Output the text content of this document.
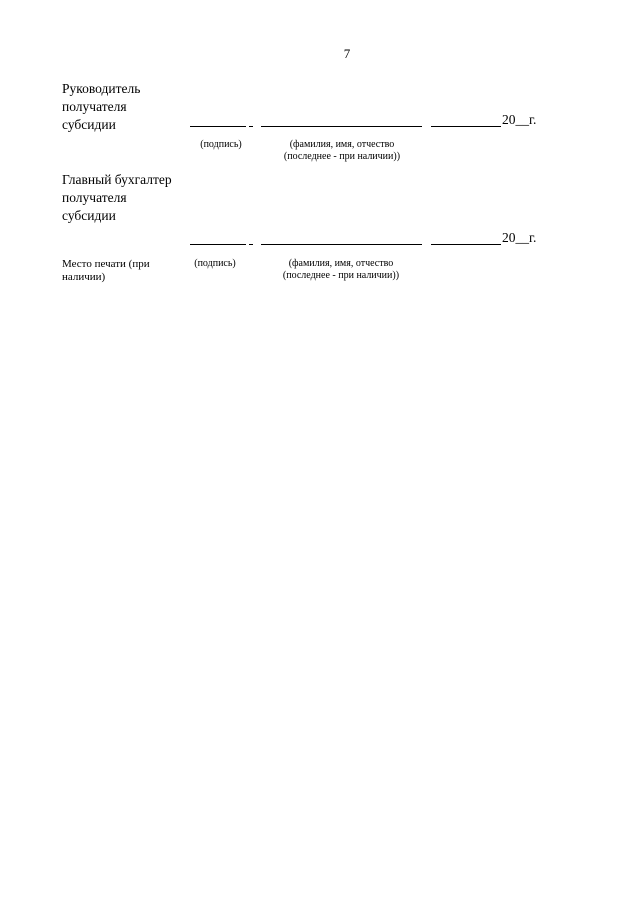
7
Руководитель
получателя
субсидии	20__г.
(подпись)	(фамилия, имя, отчество
(последнее - при наличии))
Главный бухгалтер
получателя
субсидии
20__г.
Место печати (при
наличии)
(подпись)	(фамилия, имя, отчество
(последнее - при наличии))
